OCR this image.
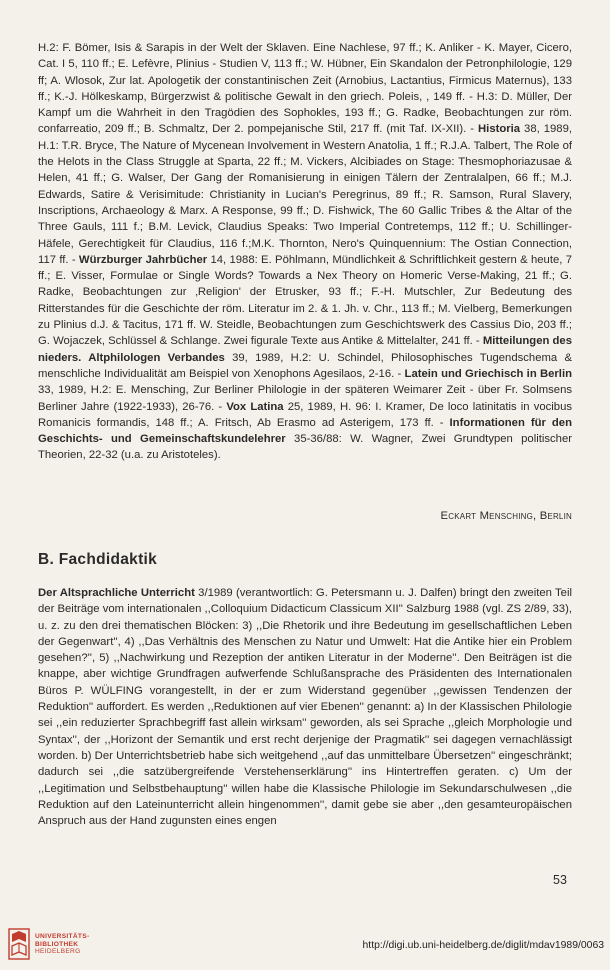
H.2: F. Bömer, Isis & Sarapis in der Welt der Sklaven. Eine Nachlese, 97 ff.; K. Anliker - K. Mayer, Cicero, Cat. I 5, 110 ff.; E. Lefèvre, Plinius - Studien V, 113 ff.; W. Hübner, Ein Skandalon der Petronphilologie, 129 ff; A. Wlosok, Zur lat. Apologetik der constantinischen Zeit (Arnobius, Lactantius, Firmicus Maternus), 133 ff.; K.-J. Hölkeskamp, Bürgerzwist & politische Gewalt in den griech. Poleis, , 149 ff. - H.3: D. Müller, Der Kampf um die Wahrheit in den Tragödien des Sophokles, 193 ff.; G. Radke, Beobachtungen zur röm. confarreatio, 209 ff.; B. Schmaltz, Der 2. pompejanische Stil, 217 ff. (mit Taf. IX-XII). - Historia 38, 1989, H.1: T.R. Bryce, The Nature of Mycenean Involvement in Western Anatolia, 1 ff.; R.J.A. Talbert, The Role of the Helots in the Class Struggle at Sparta, 22 ff.; M. Vickers, Alcibiades on Stage: Thesmophoriazusae & Helen, 41 ff.; G. Walser, Der Gang der Romanisierung in einigen Tälern der Zentralalpen, 66 ff.; M.J. Edwards, Satire & Verisimitude: Christianity in Lucian's Peregrinus, 89 ff.; R. Samson, Rural Slavery, Inscriptions, Archaeology & Marx. A Response, 99 ff.; D. Fishwick, The 60 Gallic Tribes & the Altar of the Three Gauls, 111 f.; B.M. Levick, Claudius Speaks: Two Imperial Contretemps, 112 ff.; U. Schillinger-Häfele, Gerechtigkeit für Claudius, 116 f.;M.K. Thornton, Nero's Quinquennium: The Ostian Connection, 117 ff. - Würzburger Jahrbücher 14, 1988: E. Pöhlmann, Mündlichkeit & Schriftlichkeit gestern & heute, 7 ff.; E. Visser, Formulae or Single Words? Towards a Nex Theory on Homeric Verse-Making, 21 ff.; G. Radke, Beobachtungen zur ‚Religion' der Etrusker, 93 ff.; F.-H. Mutschler, Zur Bedeutung des Ritterstandes für die Geschichte der röm. Literatur im 2. & 1. Jh. v. Chr., 113 ff.; M. Vielberg, Bemerkungen zu Plinius d.J. & Tacitus, 171 ff. W. Steidle, Beobachtungen zum Geschichtswerk des Cassius Dio, 203 ff.; G. Wojaczek, Schlüssel & Schlange. Zwei figurale Texte aus Antike & Mittelalter, 241 ff. - Mitteilungen des nieders. Altphilologen Verbandes 39, 1989, H.2: U. Schindel, Philosophisches Tugendschema & menschliche Individualität am Beispiel von Xenophons Agesilaos, 2-16. - Latein und Griechisch in Berlin 33, 1989, H.2: E. Mensching, Zur Berliner Philologie in der späteren Weimarer Zeit - über Fr. Solmsens Berliner Jahre (1922-1933), 26-76. - Vox Latina 25, 1989, H. 96: I. Kramer, De loco latinitatis in vocibus Romanicis formandis, 148 ff.; A. Fritsch, Ab Erasmo ad Asterigem, 173 ff. - Informationen für den Geschichts- und Gemeinschaftskundelehrer 35-36/88: W. Wagner, Zwei Grundtypen politischer Theorien, 22-32 (u.a. zu Aristoteles).

Eckart Mensching, Berlin
B. Fachdidaktik

Der Altsprachliche Unterricht 3/1989 (verantwortlich: G. Petersmann u. J. Dalfen) bringt den zweiten Teil der Beiträge vom internationalen ,,Colloquium Didacticum Classicum XII'' Salzburg 1988 (vgl. ZS 2/89, 33), u. z. zu den drei thematischen Blöcken: 3) ,,Die Rhetorik und ihre Bedeutung im gesellschaftlichen Leben der Gegenwart'', 4) ,,Das Verhältnis des Menschen zu Natur und Umwelt: Hat die Antike hier ein Problem gesehen?'', 5) ,,Nachwirkung und Rezeption der antiken Literatur in der Moderne''. Den Beiträgen ist die knappe, aber wichtige Grundfragen aufwerfende Schlußansprache des Präsidenten des Internationalen Büros P. WÜLFING vorangestellt, in der er zum Widerstand gegenüber ,,gewissen Tendenzen der Reduktion'' auffordert. Es werden ,,Reduktionen auf vier Ebenen'' genannt: a) In der Klassischen Philologie sei ,,ein reduzierter Sprachbegriff fast allein wirksam'' geworden, als sei Sprache ,,gleich Morphologie und Syntax'', der ,,Horizont der Semantik und erst recht derjenige der Pragmatik'' sei dagegen vernachlässigt worden. b) Der Unterrichtsbetrieb habe sich weitgehend ,,auf das unmittelbare Übersetzen'' eingeschränkt; dadurch sei ,,die satzübergreifende Verstehenserklärung'' ins Hintertreffen geraten. c) Um der ,,Legitimation und Selbstbehauptung'' willen habe die Klassische Philologie im Sekundarschulwesen ,,die Reduktion auf den Lateinunterricht allein hingenommen'', damit gebe sie aber ,,den gesamteuropäischen Anspruch aus der Hand zugunsten eines engen

53
UNIVERSITÄTS-
BIBLIOTHEK
HEIDELBERG
http://digi.ub.uni-heidelberg.de/diglit/mdav1989/0063
